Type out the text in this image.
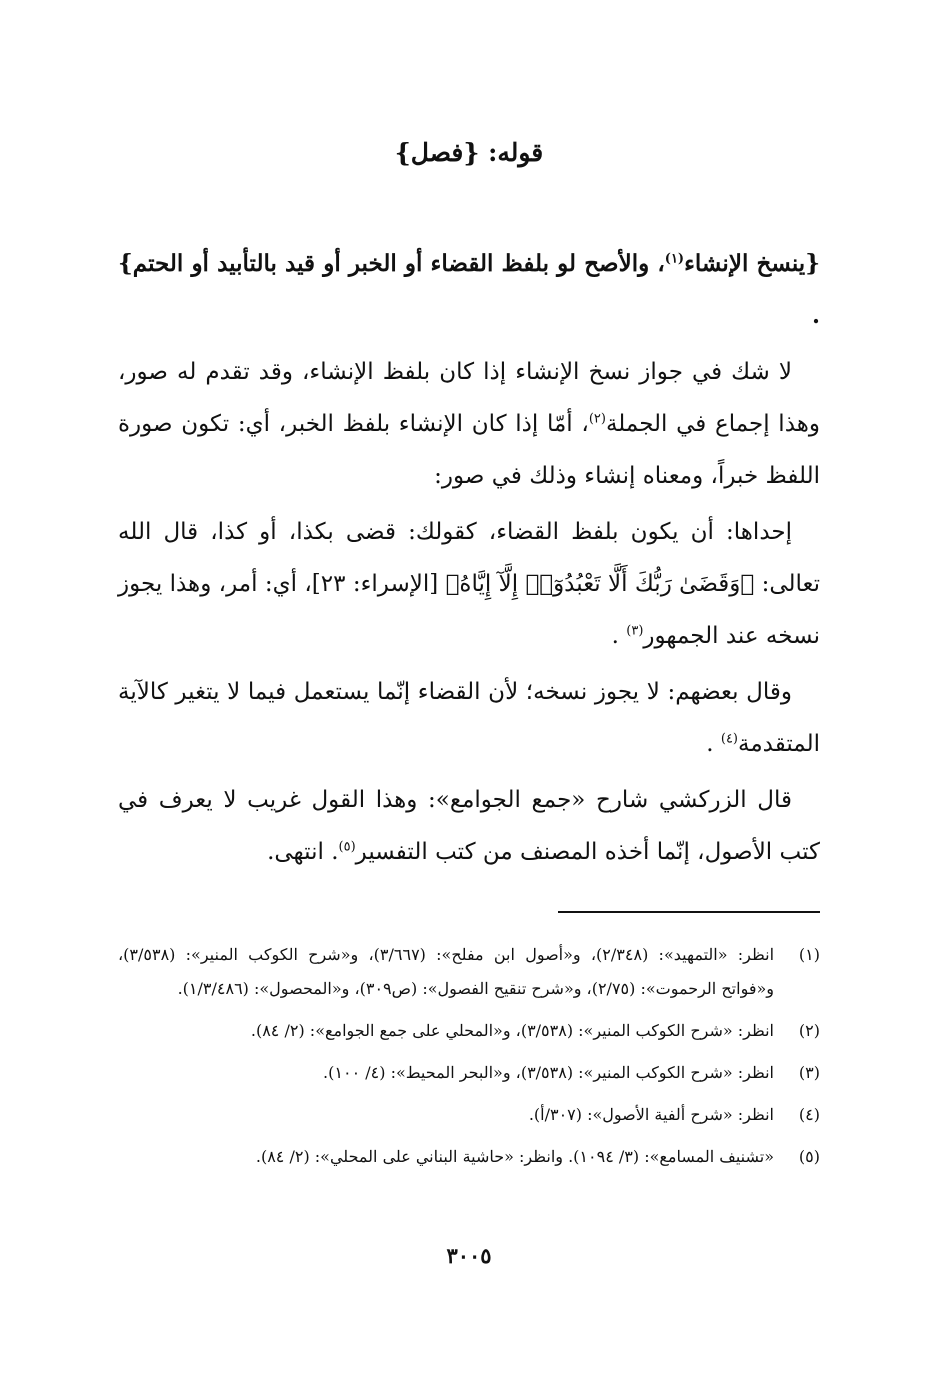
قوله: {فصل}

{ينسخ الإنشاء$^{(١)}$، والأصح لو بلفظ القضاء أو الخبر أو قيد بالتأبيد أو الحتم} .

لا شك في جواز نسخ الإنشاء إذا كان بلفظ الإنشاء، وقد تقدم له صور، وهذا إجماع في الجملة$^{(٢)}$، أمّا إذا كان الإنشاء بلفظ الخبر، أي: تكون صورة اللفظ خبراً، ومعناه إنشاء وذلك في صور:

إحداها: أن يكون بلفظ القضاء، كقولك: قضى بكذا، أو كذا، قال الله تعالى: ﴿وَقَضَىٰ رَبُّكَ أَلَّا تَعْبُدُوٓا۟ إِلَّآ إِيَّاهُ﴾ [الإسراء: ٢٣]، أي: أمر، وهذا يجوز نسخه عند الجمهور$^{(٣)}$ .

وقال بعضهم: لا يجوز نسخه؛ لأن القضاء إنّما يستعمل فيما لا يتغير كالآية المتقدمة$^{(٤)}$ .

قال الزركشي شارح «جمع الجوامع»: وهذا القول غريب لا يعرف في كتب الأصول، إنّما أخذه المصنف من كتب التفسير$^{(٥)}$. انتهى.

(١)
انظر: «التمهيد»: (٢/٣٤٨)، و«أصول ابن مفلح»: (٣/٦٦٧)، و«شرح الكوكب المنير»: (٣/٥٣٨)، و«فواتح الرحموت»: (٢/٧٥)، و«شرح تنقيح الفصول»: (ص٣٠٩)، و«المحصول»: (١/٣/٤٨٦).
(٢)
انظر: «شرح الكوكب المنير»: (٣/٥٣٨)، و«المحلي على جمع الجوامع»: (٢/ ٨٤).
(٣)
انظر: «شرح الكوكب المنير»: (٣/٥٣٨)، و«البحر المحيط»: (٤/ ١٠٠).
(٤)
انظر: «شرح ألفية الأصول»: (٣٠٧/أ).
(٥)
«تشنيف المسامع»: (٣/ ١٠٩٤). وانظر: «حاشية البناني على المحلي»: (٢/ ٨٤).
٣٠٠٥
